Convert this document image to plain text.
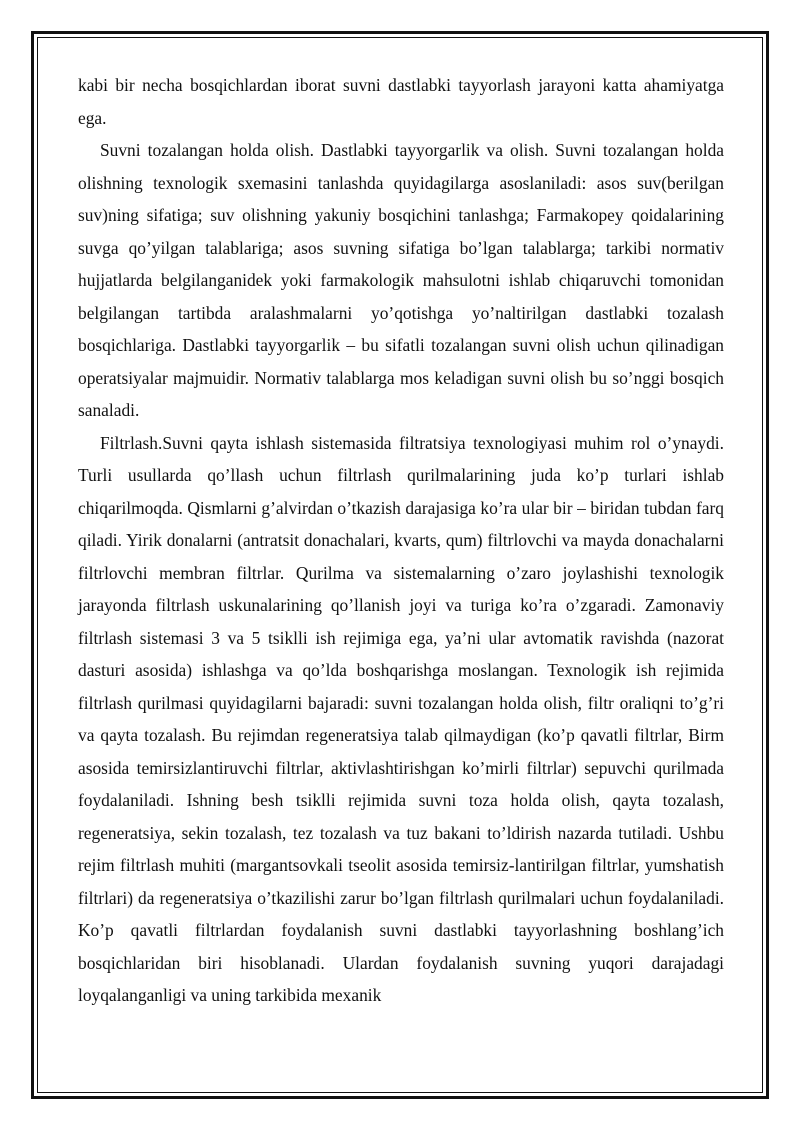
kabi bir necha bosqichlardan iborat suvni dastlabki tayyorlash jarayoni katta ahamiyatga ega.

Suvni tozalangan holda olish. Dastlabki tayyorgarlik va olish. Suvni tozalangan holda olishning texnologik sxemasini tanlashda quyidagilarga asoslaniladi: asos suv(berilgan suv)ning sifatiga; suv olishning yakuniy bosqichini tanlashga; Farmakopey qoidalarining suvga qo’yilgan talablariga; asos suvning sifatiga bo’lgan talablarga; tarkibi normativ hujjatlarda belgilanganidek yoki farmakologik mahsulotni ishlab chiqaruvchi tomonidan belgilangan tartibda aralashmalarni yo’qotishga yo’naltirilgan dastlabki tozalash bosqichlariga. Dastlabki tayyorgarlik – bu sifatli tozalangan suvni olish uchun qilinadigan operatsiyalar majmuidir. Normativ talablarga mos keladigan suvni olish bu so’nggi bosqich sanaladi.

Filtrlash.Suvni qayta ishlash sistemasida filtratsiya texnologiyasi muhim rol o’ynaydi. Turli usullarda qo’llash uchun filtrlash qurilmalarining juda ko’p turlari ishlab chiqarilmoqda. Qismlarni g’alvirdan o’tkazish darajasiga ko’ra ular bir – biridan tubdan farq qiladi. Yirik donalarni (antratsit donachalari, kvarts, qum) filtrlovchi va mayda donachalarni filtrlovchi membran filtrlar. Qurilma va sistemalarning o’zaro joylashishi texnologik jarayonda filtrlash uskunalarining qo’llanish joyi va turiga ko’ra o’zgaradi. Zamonaviy filtrlash sistemasi 3 va 5 tsiklli ish rejimiga ega, ya’ni ular avtomatik ravishda (nazorat dasturi asosida) ishlashga va qo’lda boshqarishga moslangan. Texnologik ish rejimida filtrlash qurilmasi quyidagilarni bajaradi: suvni tozalangan holda olish, filtr oraliqni to’g’ri va qayta tozalash. Bu rejimdan regeneratsiya talab qilmaydigan (ko’p qavatli filtrlar, Birm asosida temirsizlantiruvchi filtrlar, aktivlashtirishgan ko’mirli filtrlar) sepuvchi qurilmada foydalaniladi. Ishning besh tsiklli rejimida suvni toza holda olish, qayta tozalash, regeneratsiya, sekin tozalash, tez tozalash va tuz bakani to’ldirish nazarda tutiladi. Ushbu rejim filtrlash muhiti (margantsovkali tseolit asosida temirsiz-lantirilgan filtrlar, yumshatish filtrlari) da regeneratsiya o’tkazilishi zarur bo’lgan filtrlash qurilmalari uchun foydalaniladi. Ko’p qavatli filtrlardan foydalanish suvni dastlabki tayyorlashning boshlang’ich bosqichlaridan biri hisoblanadi. Ulardan foydalanish suvning yuqori darajadagi loyqalanganligi va uning tarkibida mexanik
